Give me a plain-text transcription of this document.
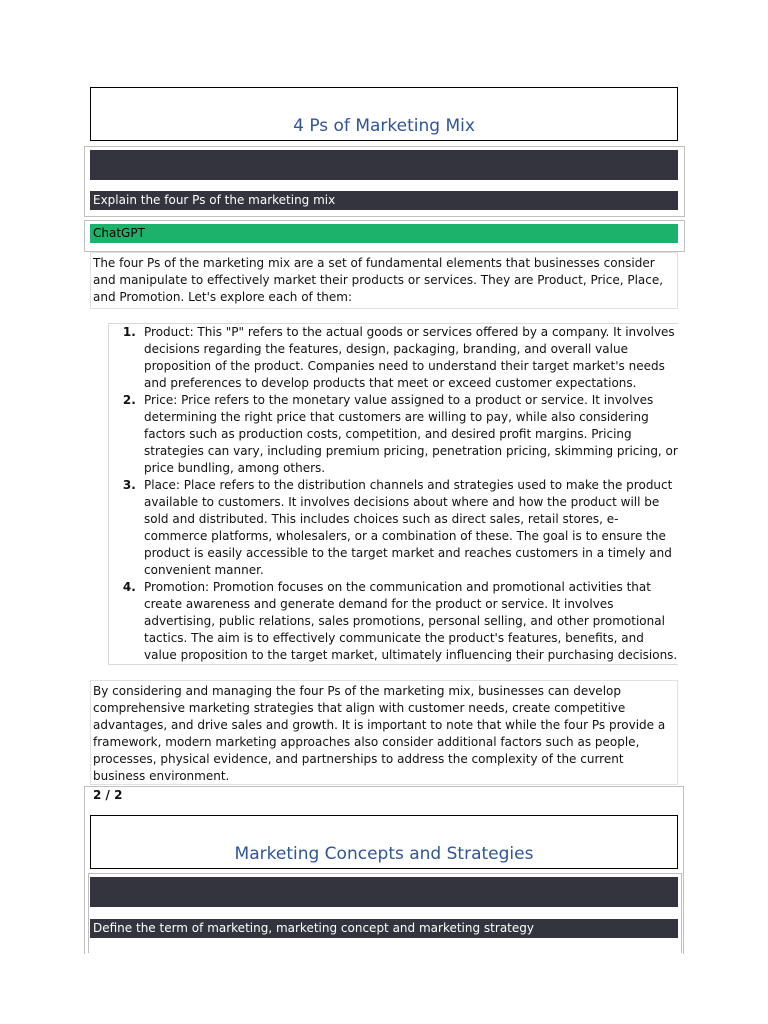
4 Ps of Marketing Mix
Explain the four Ps of the marketing mix
ChatGPT

The four Ps of the marketing mix are a set of fundamental elements that businesses consider and manipulate to effectively market their products or services. They are Product, Price, Place, and Promotion. Let's explore each of them:

1. Product: This "P" refers to the actual goods or services offered by a company. It involves decisions regarding the features, design, packaging, branding, and overall value proposition of the product. Companies need to understand their target market's needs and preferences to develop products that meet or exceed customer expectations.
2. Price: Price refers to the monetary value assigned to a product or service. It involves determining the right price that customers are willing to pay, while also considering factors such as production costs, competition, and desired profit margins. Pricing strategies can vary, including premium pricing, penetration pricing, skimming pricing, or price bundling, among others.
3. Place: Place refers to the distribution channels and strategies used to make the product available to customers. It involves decisions about where and how the product will be sold and distributed. This includes choices such as direct sales, retail stores, e-commerce platforms, wholesalers, or a combination of these. The goal is to ensure the product is easily accessible to the target market and reaches customers in a timely and convenient manner.
4. Promotion: Promotion focuses on the communication and promotional activities that create awareness and generate demand for the product or service. It involves advertising, public relations, sales promotions, personal selling, and other promotional tactics. The aim is to effectively communicate the product's features, benefits, and value proposition to the target market, ultimately influencing their purchasing decisions.

By considering and managing the four Ps of the marketing mix, businesses can develop comprehensive marketing strategies that align with customer needs, create competitive advantages, and drive sales and growth. It is important to note that while the four Ps provide a framework, modern marketing approaches also consider additional factors such as people, processes, physical evidence, and partnerships to address the complexity of the current business environment.

2 / 2
Marketing Concepts and Strategies
Define the term of marketing, marketing concept and marketing strategy
